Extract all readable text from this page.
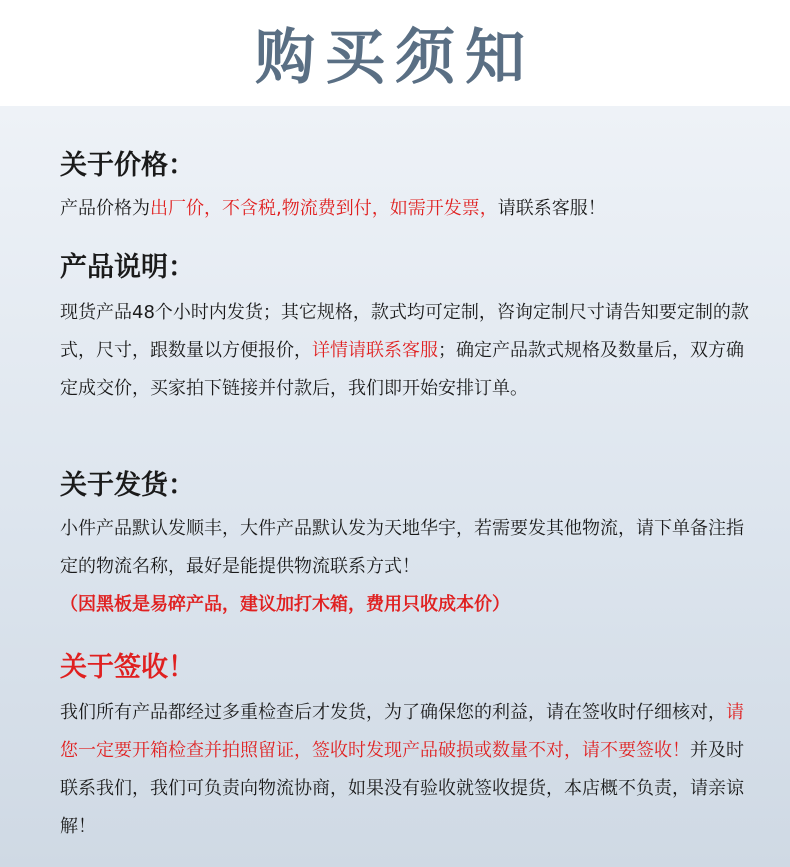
购买须知
关于价格：

产品价格为出厂价，不含税,物流费到付，如需开发票，请联系客服！

产品说明：

现货产品48个小时内发货；其它规格，款式均可定制，咨询定制尺寸请告知要定制的款式，尺寸，跟数量以方便报价，详情请联系客服；确定产品款式规格及数量后，双方确定成交价，买家拍下链接并付款后，我们即开始安排订单。

关于发货：

小件产品默认发顺丰，大件产品默认发为天地华宇，若需要发其他物流，请下单备注指定的物流名称，最好是能提供物流联系方式！

（因黑板是易碎产品，建议加打木箱，费用只收成本价）

关于签收！

我们所有产品都经过多重检查后才发货，为了确保您的利益，请在签收时仔细核对，请您一定要开箱检查并拍照留证，签收时发现产品破损或数量不对，请不要签收！并及时联系我们，我们可负责向物流协商，如果没有验收就签收提货，本店概不负责，请亲谅解！
